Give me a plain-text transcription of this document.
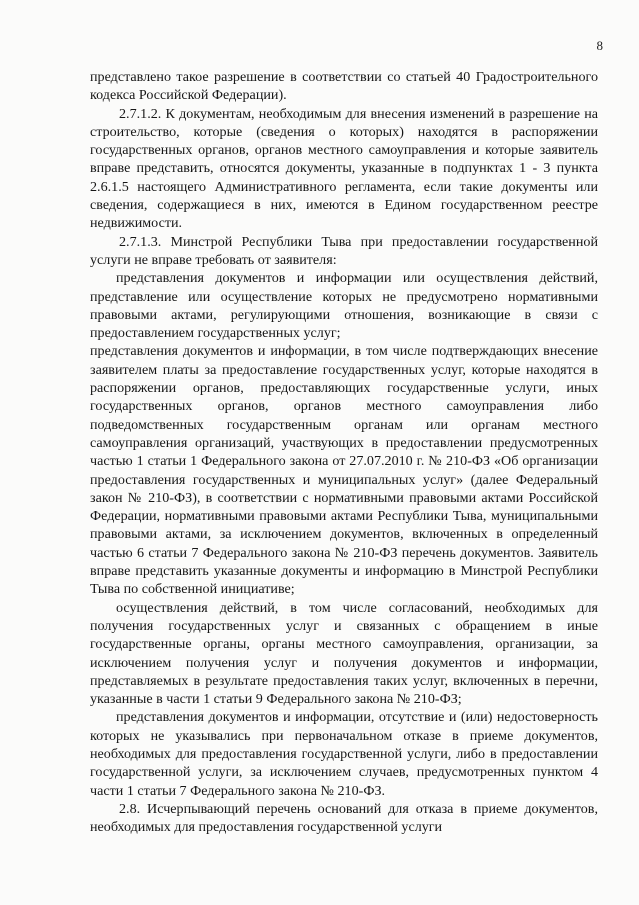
8

представлено такое разрешение в соответствии со статьей 40 Градостроительного кодекса Российской Федерации).

2.7.1.2. К документам, необходимым для внесения изменений в разрешение на строительство, которые (сведения о которых) находятся в распоряжении государственных органов, органов местного самоуправления и которые заявитель вправе представить, относятся документы, указанные в подпунктах 1 - 3 пункта 2.6.1.5 настоящего Административного регламента, если такие документы или сведения, содержащиеся в них, имеются в Едином государственном реестре недвижимости.

2.7.1.3. Минстрой Республики Тыва при предоставлении государственной услуги не вправе требовать от заявителя:

представления документов и информации или осуществления действий, представление или осуществление которых не предусмотрено нормативными правовыми актами, регулирующими отношения, возникающие в связи с предоставлением государственных услуг;

представления документов и информации, в том числе подтверждающих внесение заявителем платы за предоставление государственных услуг, которые находятся в распоряжении органов, предоставляющих государственные услуги, иных государственных органов, органов местного самоуправления либо подведомственных государственным органам или органам местного самоуправления организаций, участвующих в предоставлении предусмотренных частью 1 статьи 1 Федерального закона от 27.07.2010 г. № 210-ФЗ «Об организации предоставления государственных и муниципальных услуг» (далее Федеральный закон № 210-ФЗ), в соответствии с нормативными правовыми актами Российской Федерации, нормативными правовыми актами Республики Тыва, муниципальными правовыми актами, за исключением документов, включенных в определенный частью 6 статьи 7 Федерального закона № 210-ФЗ перечень документов. Заявитель вправе представить указанные документы и информацию в Минстрой Республики Тыва по собственной инициативе;

осуществления действий, в том числе согласований, необходимых для получения государственных услуг и связанных с обращением в иные государственные органы, органы местного самоуправления, организации, за исключением получения услуг и получения документов и информации, представляемых в результате предоставления таких услуг, включенных в перечни, указанные в части 1 статьи 9 Федерального закона № 210-ФЗ;

представления документов и информации, отсутствие и (или) недостоверность которых не указывались при первоначальном отказе в приеме документов, необходимых для предоставления государственной услуги, либо в предоставлении государственной услуги, за исключением случаев, предусмотренных пунктом 4 части 1 статьи 7 Федерального закона № 210-ФЗ.

2.8. Исчерпывающий перечень оснований для отказа в приеме документов, необходимых для предоставления государственной услуги
